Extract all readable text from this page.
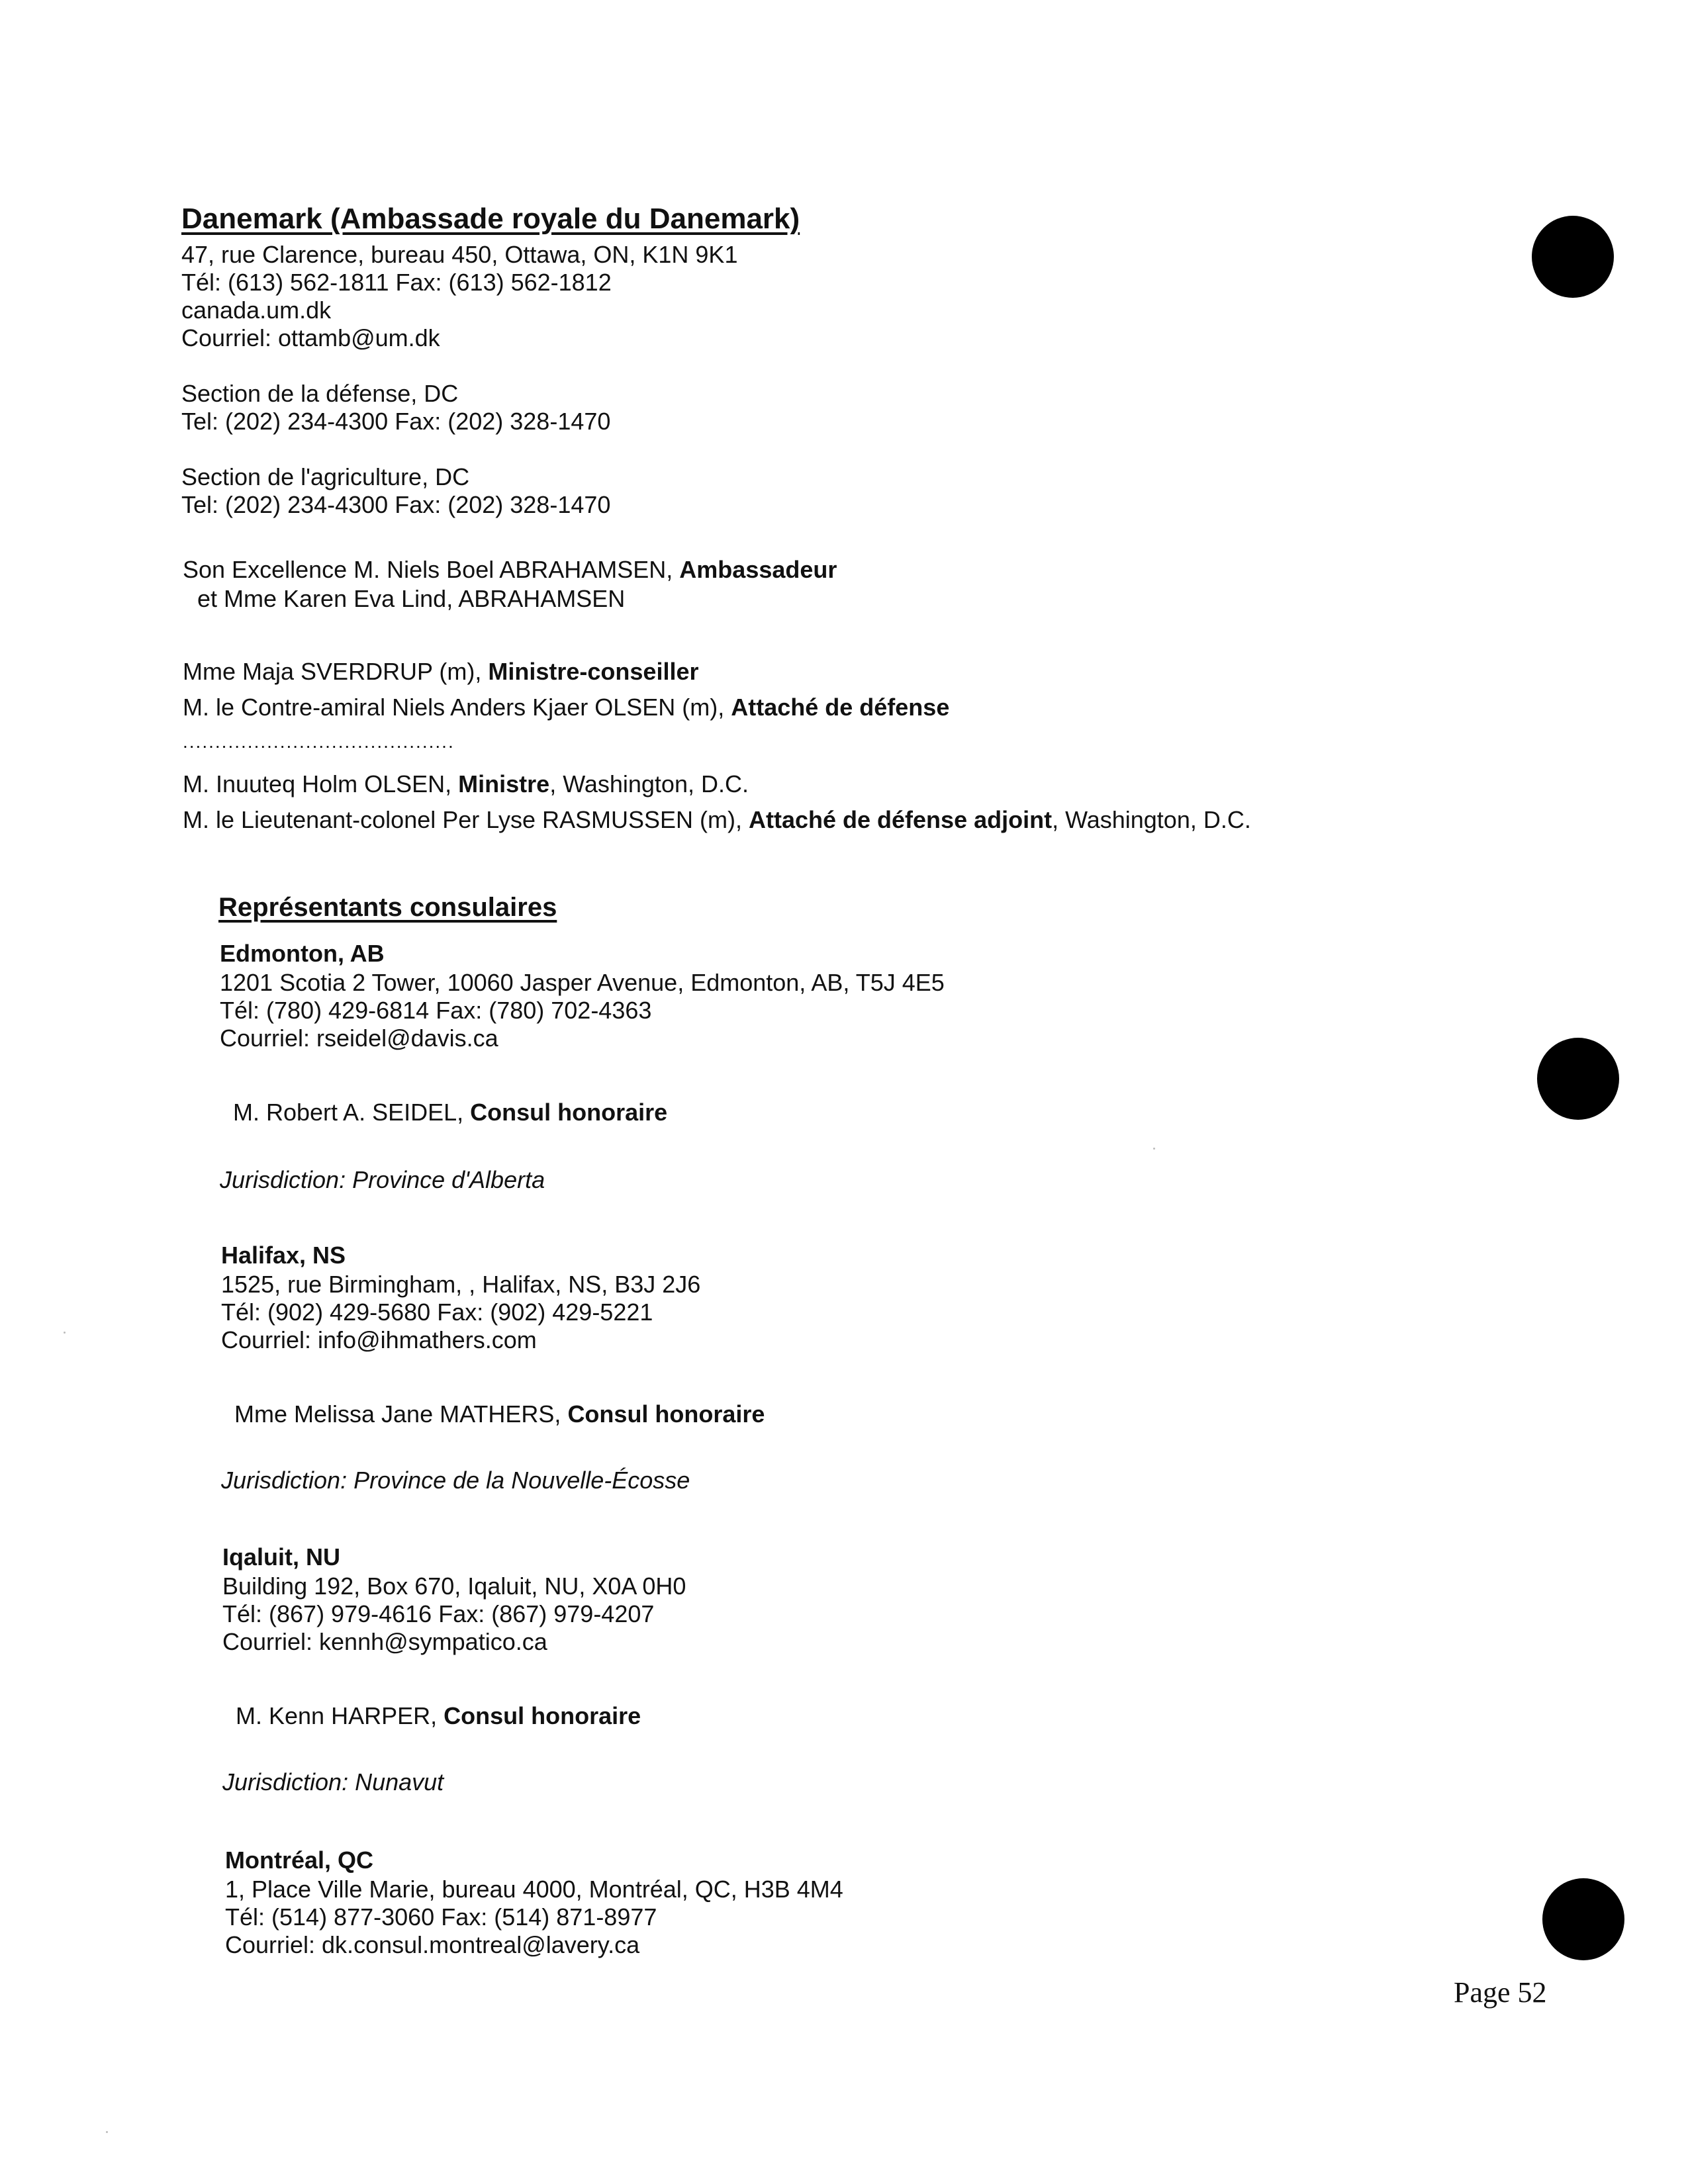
Danemark (Ambassade royale du Danemark)
47, rue Clarence, bureau 450, Ottawa, ON, K1N 9K1
Tél: (613) 562-1811 Fax: (613) 562-1812
canada.um.dk
Courriel: ottamb@um.dk
Section de la défense, DC
Tel: (202) 234-4300 Fax: (202) 328-1470
Section de l'agriculture, DC
Tel: (202) 234-4300 Fax: (202) 328-1470
Son Excellence M. Niels Boel ABRAHAMSEN, Ambassadeur
et Mme Karen Eva Lind, ABRAHAMSEN
Mme Maja SVERDRUP (m), Ministre-conseiller
M. le Contre-amiral Niels Anders Kjaer OLSEN (m), Attaché de défense
..........................................
M. Inuuteq Holm OLSEN, Ministre, Washington, D.C.
M. le Lieutenant-colonel Per Lyse RASMUSSEN (m), Attaché de défense adjoint, Washington, D.C.
Représentants consulaires
Edmonton, AB
1201 Scotia 2 Tower, 10060 Jasper Avenue, Edmonton, AB, T5J 4E5
Tél: (780) 429-6814 Fax: (780) 702-4363
Courriel: rseidel@davis.ca
M. Robert A. SEIDEL, Consul honoraire
Jurisdiction: Province d'Alberta
Halifax, NS
1525, rue Birmingham, , Halifax, NS, B3J 2J6
Tél: (902) 429-5680 Fax: (902) 429-5221
Courriel: info@ihmathers.com
Mme Melissa Jane MATHERS, Consul honoraire
Jurisdiction: Province de la Nouvelle-Écosse
Iqaluit, NU
Building 192, Box 670, Iqaluit, NU, X0A 0H0
Tél: (867) 979-4616 Fax: (867) 979-4207
Courriel: kennh@sympatico.ca
M. Kenn HARPER, Consul honoraire
Jurisdiction: Nunavut
Montréal, QC
1, Place Ville Marie, bureau 4000, Montréal, QC, H3B 4M4
Tél: (514) 877-3060 Fax: (514) 871-8977
Courriel: dk.consul.montreal@lavery.ca
Page 52
